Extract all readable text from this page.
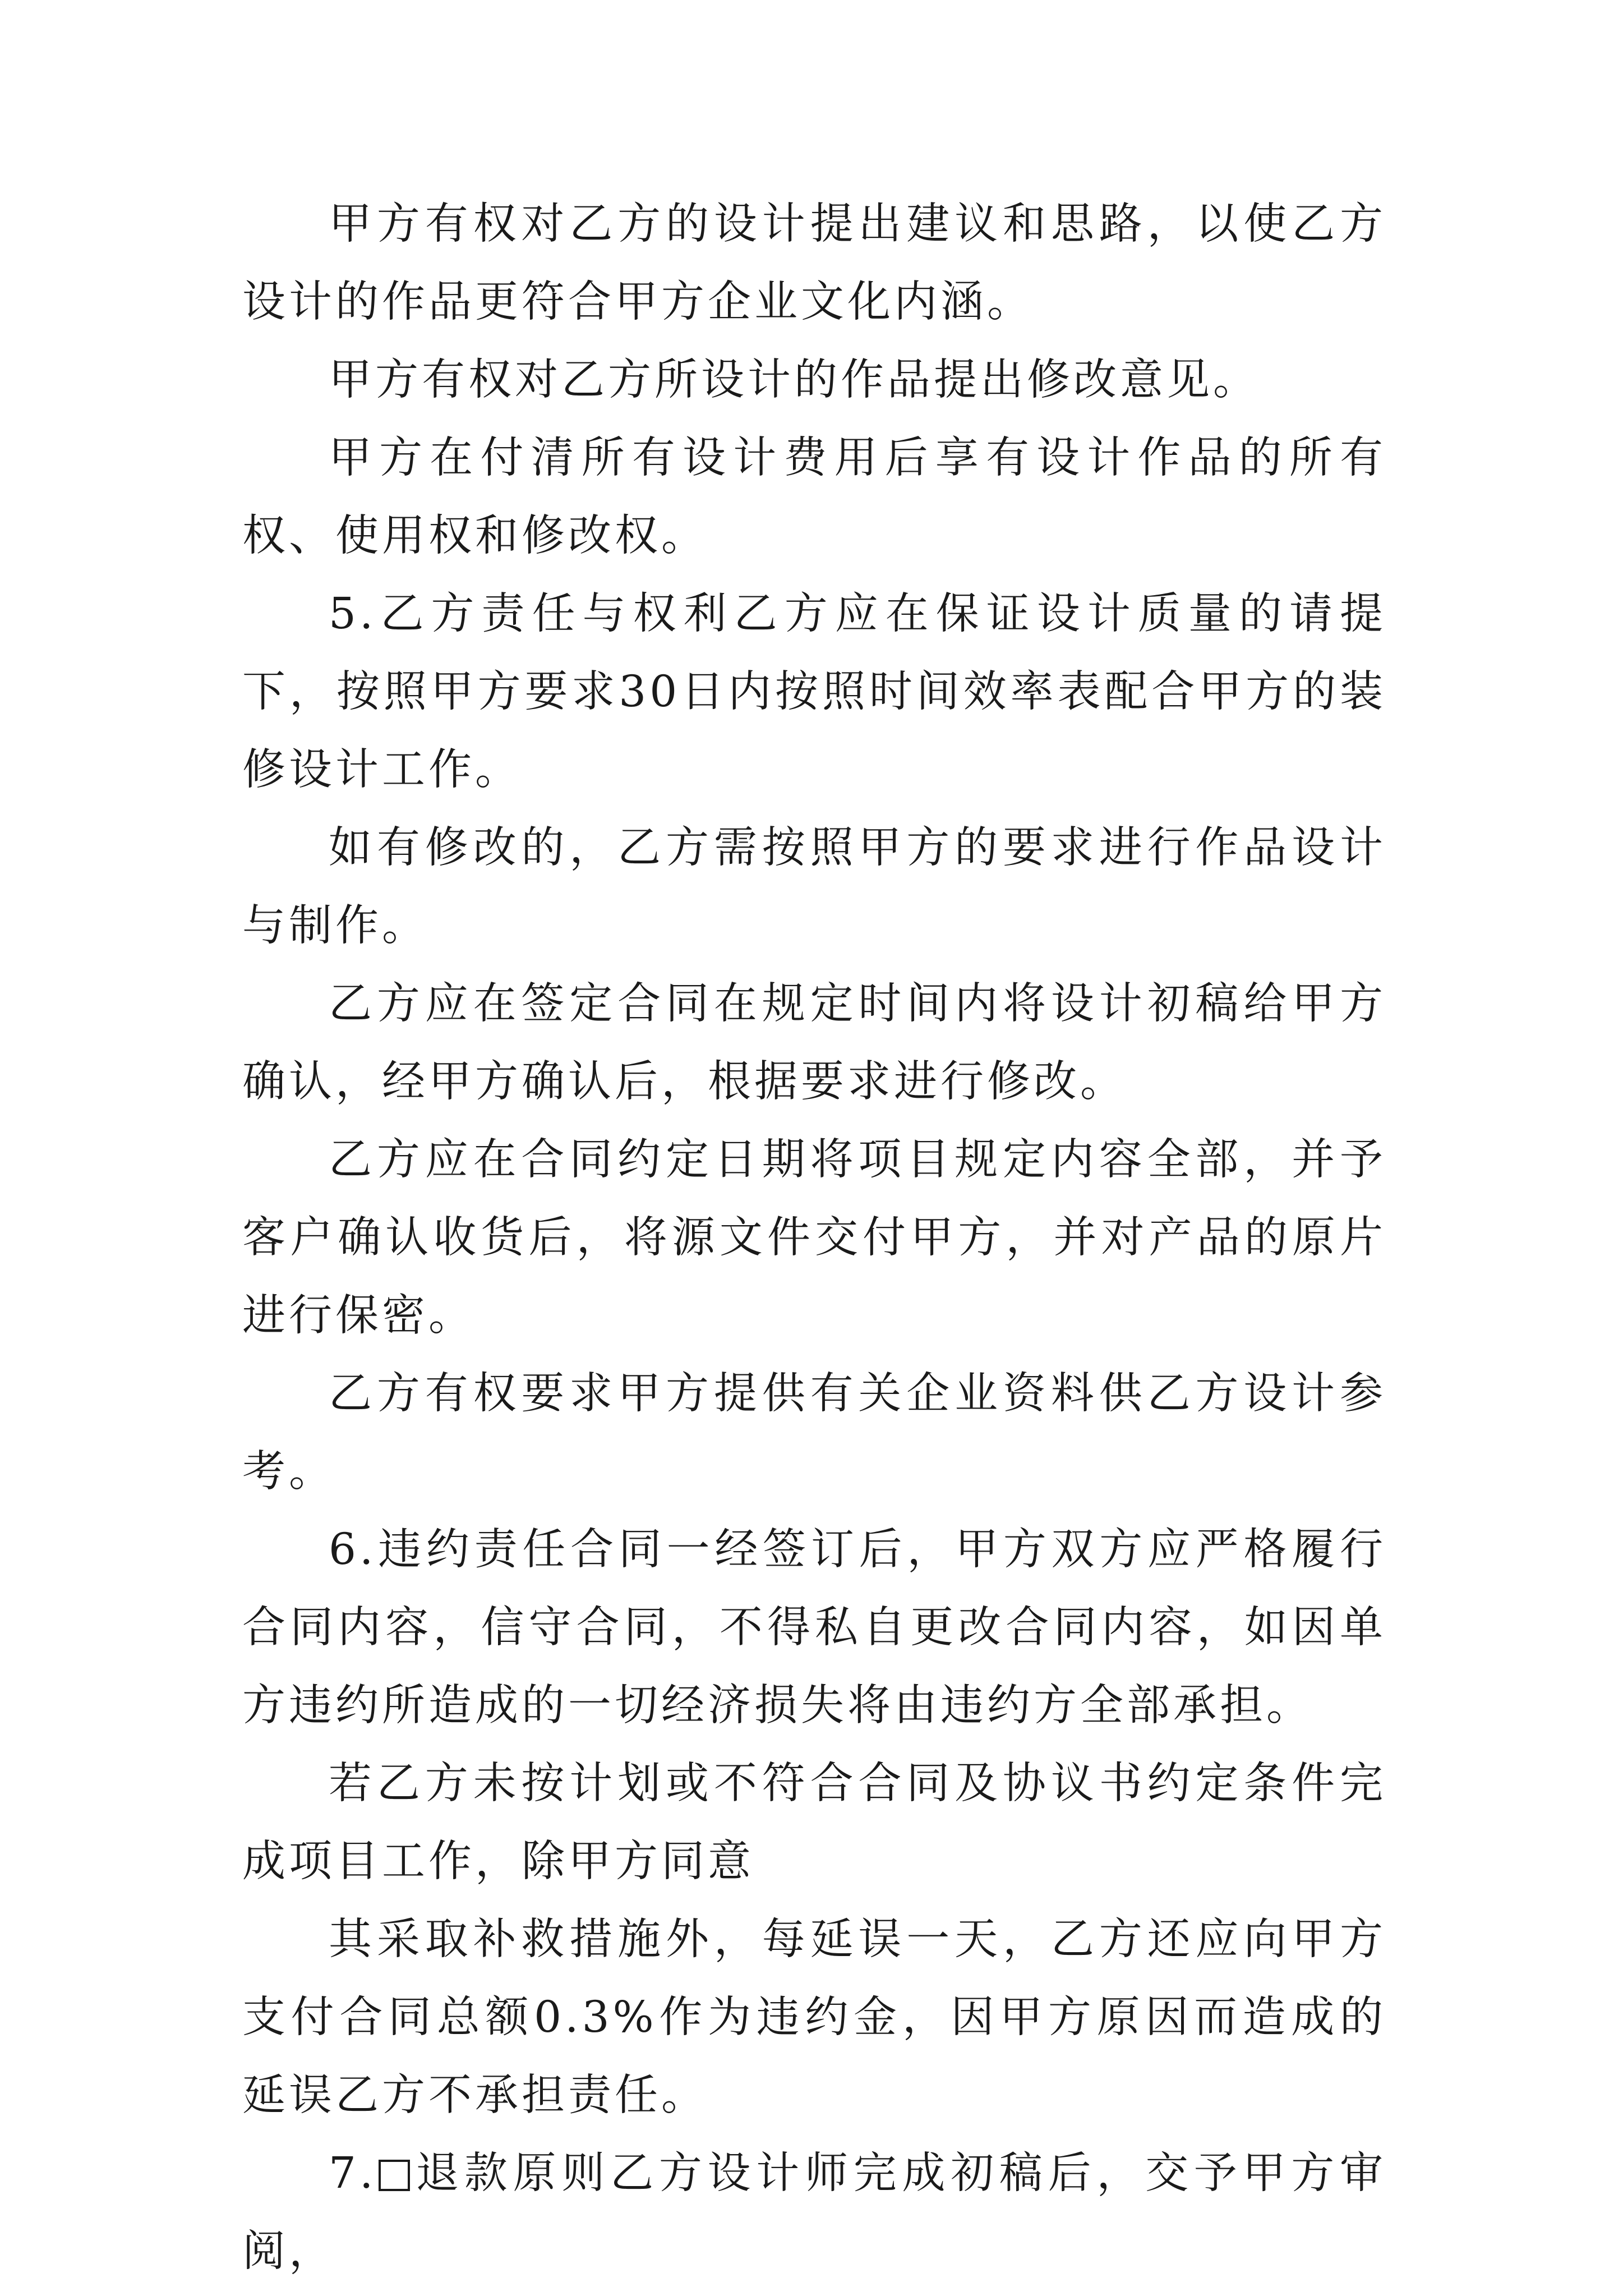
甲方有权对乙方的设计提出建议和思路，以使乙方设计的作品更符合甲方企业文化内涵。

甲方有权对乙方所设计的作品提出修改意见。

甲方在付清所有设计费用后享有设计作品的所有权、使用权和修改权。

5.乙方责任与权利乙方应在保证设计质量的请提下，按照甲方要求30日内按照时间效率表配合甲方的装修设计工作。

如有修改的，乙方需按照甲方的要求进行作品设计与制作。

乙方应在签定合同在规定时间内将设计初稿给甲方确认，经甲方确认后，根据要求进行修改。

乙方应在合同约定日期将项目规定内容全部，并予客户确认收货后，将源文件交付甲方，并对产品的原片进行保密。

乙方有权要求甲方提供有关企业资料供乙方设计参考。

6.违约责任合同一经签订后，甲方双方应严格履行合同内容，信守合同，不得私自更改合同内容，如因单方违约所造成的一切经济损失将由违约方全部承担。

若乙方未按计划或不符合合同及协议书约定条件完成项目工作，除甲方同意

其采取补救措施外，每延误一天，乙方还应向甲方支付合同总额0.3%作为违约金，因甲方原因而造成的延误乙方不承担责任。

7. 退款原则乙方设计师完成初稿后，交予甲方审阅，
